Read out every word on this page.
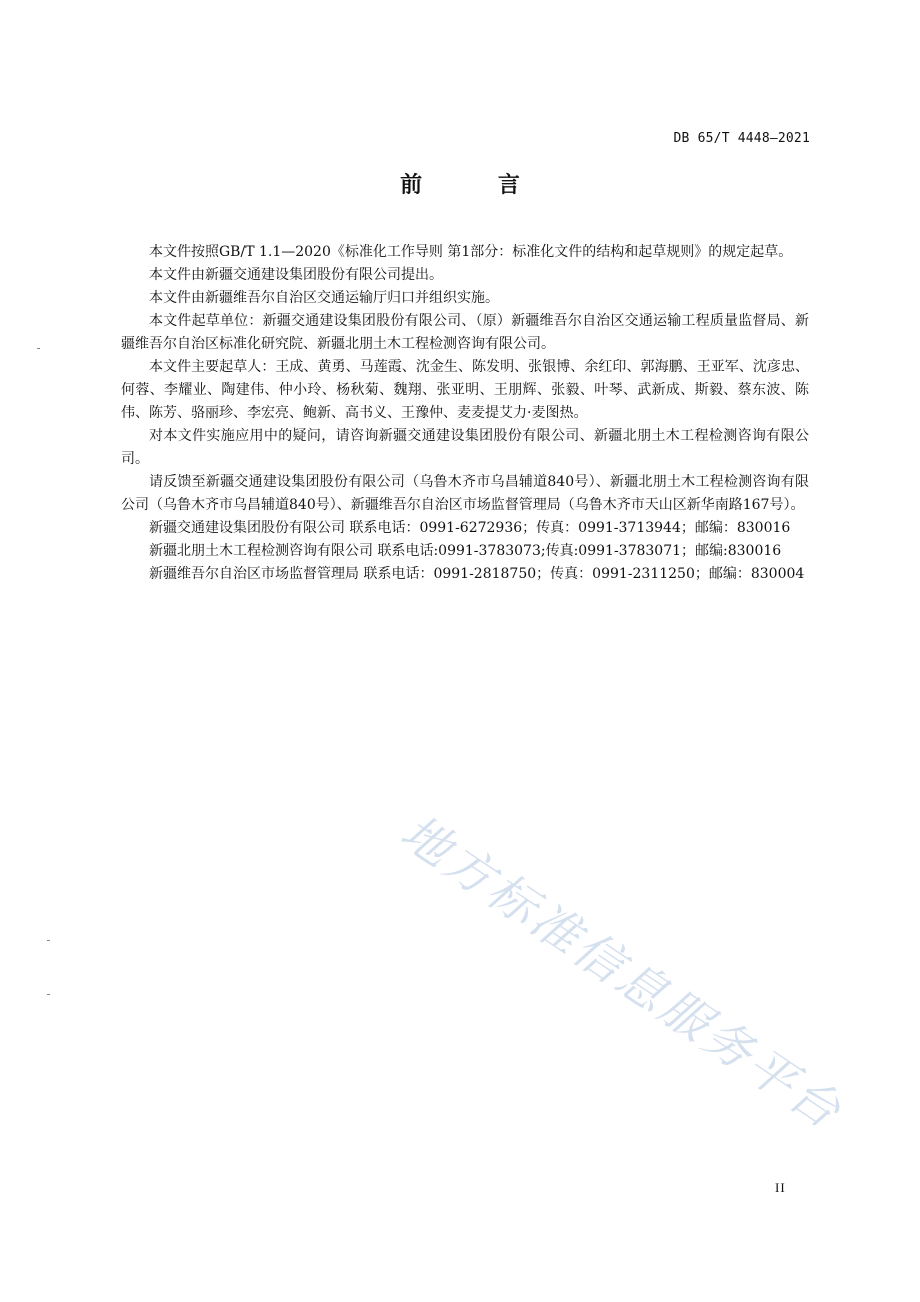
DB 65/T 4448—2021
前 言

本文件按照GB/T 1.1—2020《标准化工作导则 第1部分：标准化文件的结构和起草规则》的规定起草。

本文件由新疆交通建设集团股份有限公司提出。

本文件由新疆维吾尔自治区交通运输厅归口并组织实施。

本文件起草单位：新疆交通建设集团股份有限公司、（原）新疆维吾尔自治区交通运输工程质量监督局、新疆维吾尔自治区标准化研究院、新疆北朋土木工程检测咨询有限公司。

本文件主要起草人：王成、黄勇、马莲霞、沈金生、陈发明、张银博、余红印、郭海鹏、王亚军、沈彦忠、何蓉、李耀业、陶建伟、仲小玲、杨秋菊、魏翔、张亚明、王朋辉、张毅、叶琴、武新成、斯毅、蔡东波、陈伟、陈芳、骆丽珍、李宏亮、鲍新、高书义、王豫仲、麦麦提艾力·麦图热。

对本文件实施应用中的疑问，请咨询新疆交通建设集团股份有限公司、新疆北朋土木工程检测咨询有限公司。

请反馈至新疆交通建设集团股份有限公司（乌鲁木齐市乌昌辅道840号）、新疆北朋土木工程检测咨询有限公司（乌鲁木齐市乌昌辅道840号）、新疆维吾尔自治区市场监督管理局（乌鲁木齐市天山区新华南路167号）。

新疆交通建设集团股份有限公司 联系电话：0991-6272936；传真：0991-3713944；邮编：830016

新疆北朋土木工程检测咨询有限公司 联系电话:0991-3783073;传真:0991-3783071；邮编:830016

新疆维吾尔自治区市场监督管理局 联系电话：0991-2818750；传真：0991-2311250；邮编：830004

地方标准信息服务平台
II
